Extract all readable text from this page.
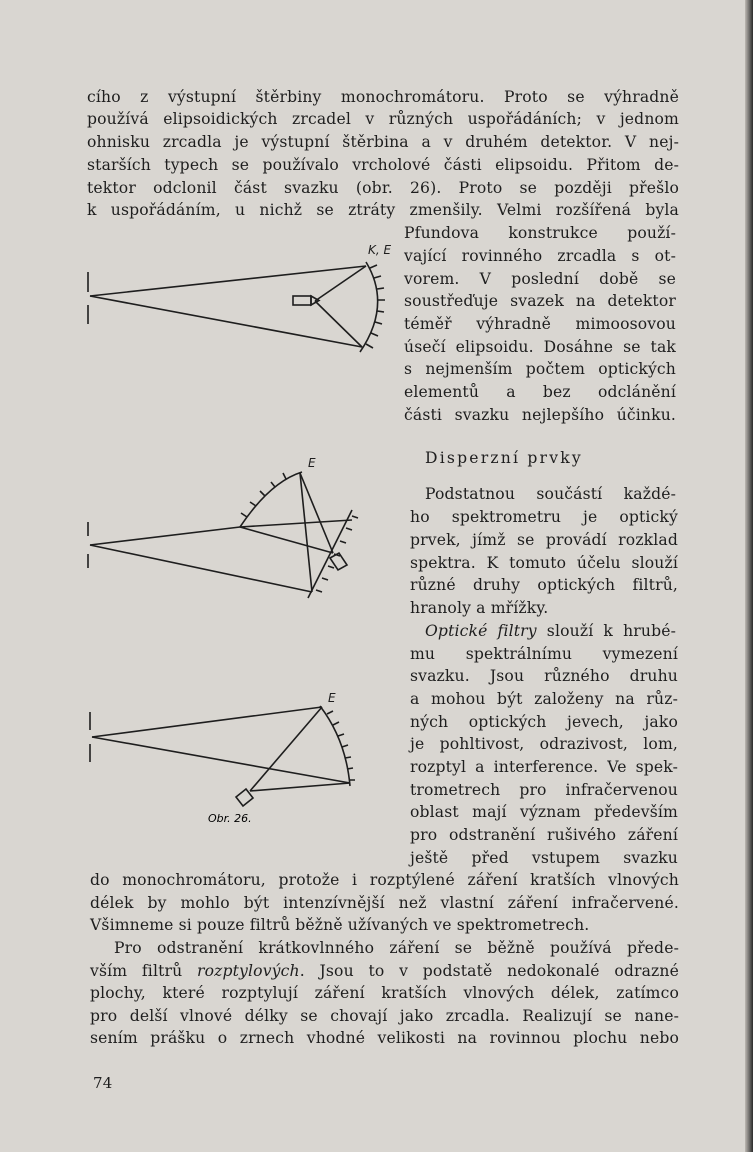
cího z výstupní štěrbiny monochromátoru. Proto se výhradně
používá elipsoidických zrcadel v různých uspořádáních; v jednom
ohnisku zrcadla je výstupní štěrbina a v druhém detektor. V nej-
starších typech se používalo vrcholové části elipsoidu. Přitom de-
tektor odclonil část svazku (obr. 26). Proto se později přešlo
k uspořádáním, u nichž se ztráty zmenšily. Velmi rozšířená byla
Pfundova konstrukce použí-
vající rovinného zrcadla s ot-
vorem. V poslední době se
soustřeďuje svazek na detektor
téměř výhradně mimoosovou
úsečí elipsoidu. Dosáhne se tak
s nejmenším počtem optických
elementů a bez odclánění
části svazku nejlepšího účinku.
Disperzní prvky
Podstatnou součástí každé-
ho spektrometru je optický
prvek, jímž se provádí rozklad
spektra. K tomuto účelu slouží
různé druhy optických filtrů,
hranoly a mřížky.
Optické filtry slouží k hrubé-
mu spektrálnímu vymezení
svazku. Jsou různého druhu
a mohou být založeny na růz-
ných optických jevech, jako
je pohltivost, odrazivost, lom,
rozptyl a interference. Ve spek-
trometrech pro infračervenou
oblast mají význam především
pro odstranění rušivého záření
ještě před vstupem svazku
do monochromátoru, protože i rozptýlené záření kratších vlnových
délek by mohlo být intenzívnější než vlastní záření infračervené.
Všimneme si pouze filtrů běžně užívaných ve spektrometrech.
Pro odstranění krátkovlnného záření se běžně používá přede-
vším filtrů rozptylových. Jsou to v podstatě nedokonalé odrazné
plochy, které rozptylují záření kratších vlnových délek, zatímco
pro delší vlnové délky se chovají jako zrcadla. Realizují se nane-
sením prášku o zrnech vhodné velikosti na rovinnou plochu nebo
74
K, E
E
E
Obr. 26.
